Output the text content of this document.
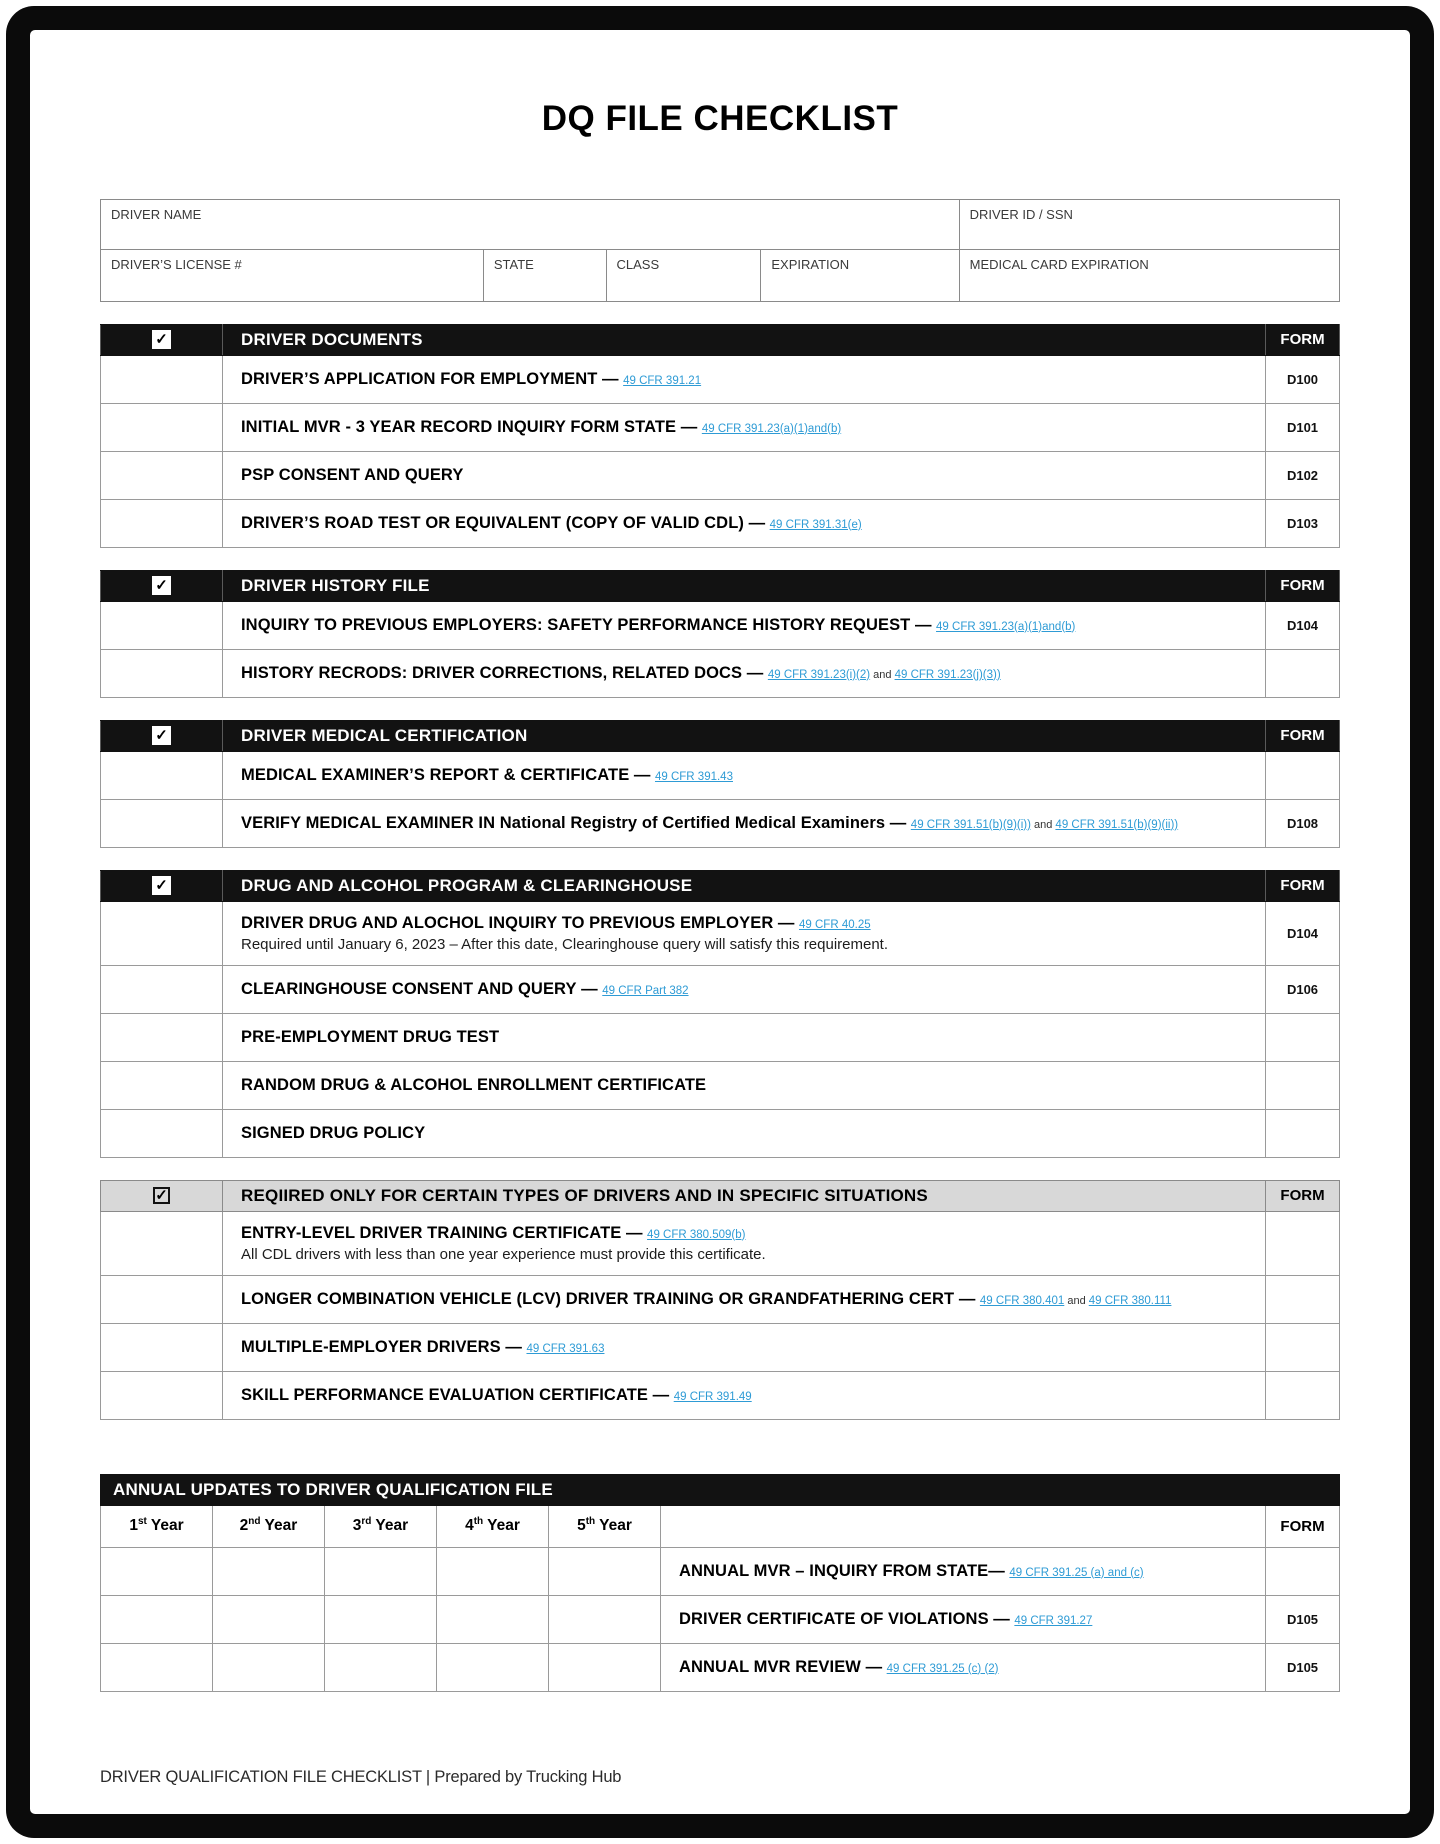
DQ FILE CHECKLIST
DRIVER NAME				DRIVER ID / SSN
DRIVER’S LICENSE #	STATE	CLASS	EXPIRATION	MEDICAL CARD EXPIRATION
✓	DRIVER DOCUMENTS	FORM
	DRIVER’S APPLICATION FOR EMPLOYMENT — 49 CFR 391.21	D100
	INITIAL MVR - 3 YEAR RECORD INQUIRY FORM STATE — 49 CFR 391.23(a)(1)and(b)	D101
	PSP CONSENT AND QUERY	D102
	DRIVER’S ROAD TEST OR EQUIVALENT (COPY OF VALID CDL) — 49 CFR 391.31(e)	D103
✓	DRIVER HISTORY FILE	FORM
	INQUIRY TO PREVIOUS EMPLOYERS: SAFETY PERFORMANCE HISTORY REQUEST — 49 CFR 391.23(a)(1)and(b)	D104
	HISTORY RECRODS: DRIVER CORRECTIONS, RELATED DOCS — 49 CFR 391.23(i)(2) and 49 CFR 391.23(j)(3))	
✓	DRIVER MEDICAL CERTIFICATION	FORM
	MEDICAL EXAMINER’S REPORT & CERTIFICATE — 49 CFR 391.43	
	VERIFY MEDICAL EXAMINER IN National Registry of Certified Medical Examiners — 49 CFR 391.51(b)(9)(i)) and 49 CFR 391.51(b)(9)(ii))	D108
✓	DRUG AND ALCOHOL PROGRAM & CLEARINGHOUSE	FORM
	DRIVER DRUG AND ALOCHOL INQUIRY TO PREVIOUS EMPLOYER — 49 CFR 40.25
Required until January 6, 2023 – After this date, Clearinghouse query will satisfy this requirement.	D104
	CLEARINGHOUSE CONSENT AND QUERY — 49 CFR Part 382	D106
	PRE-EMPLOYMENT DRUG TEST	
	RANDOM DRUG & ALCOHOL ENROLLMENT CERTIFICATE	
	SIGNED DRUG POLICY	
✓	REQIIRED ONLY FOR CERTAIN TYPES OF DRIVERS AND IN SPECIFIC SITUATIONS	FORM
	ENTRY-LEVEL DRIVER TRAINING CERTIFICATE — 49 CFR 380.509(b)
All CDL drivers with less than one year experience must provide this certificate.	

	LONGER COMBINATION VEHICLE (LCV) DRIVER TRAINING OR GRANDFATHERING CERT — 49 CFR 380.401 and 49 CFR 380.111	
	MULTIPLE-EMPLOYER DRIVERS — 49 CFR 391.63	
	SKILL PERFORMANCE EVALUATION CERTIFICATE — 49 CFR 391.49	
ANNUAL UPDATES TO DRIVER QUALIFICATION FILE						
1st Year	2nd Year	3rd Year	4th Year	5th Year		FORM
					ANNUAL MVR – INQUIRY FROM STATE— 49 CFR 391.25 (a) and (c)	
					DRIVER CERTIFICATE OF VIOLATIONS — 49 CFR 391.27	D105
					ANNUAL MVR REVIEW — 49 CFR 391.25 (c) (2)	D105
DRIVER QUALIFICATION FILE CHECKLIST | Prepared by Trucking Hub
